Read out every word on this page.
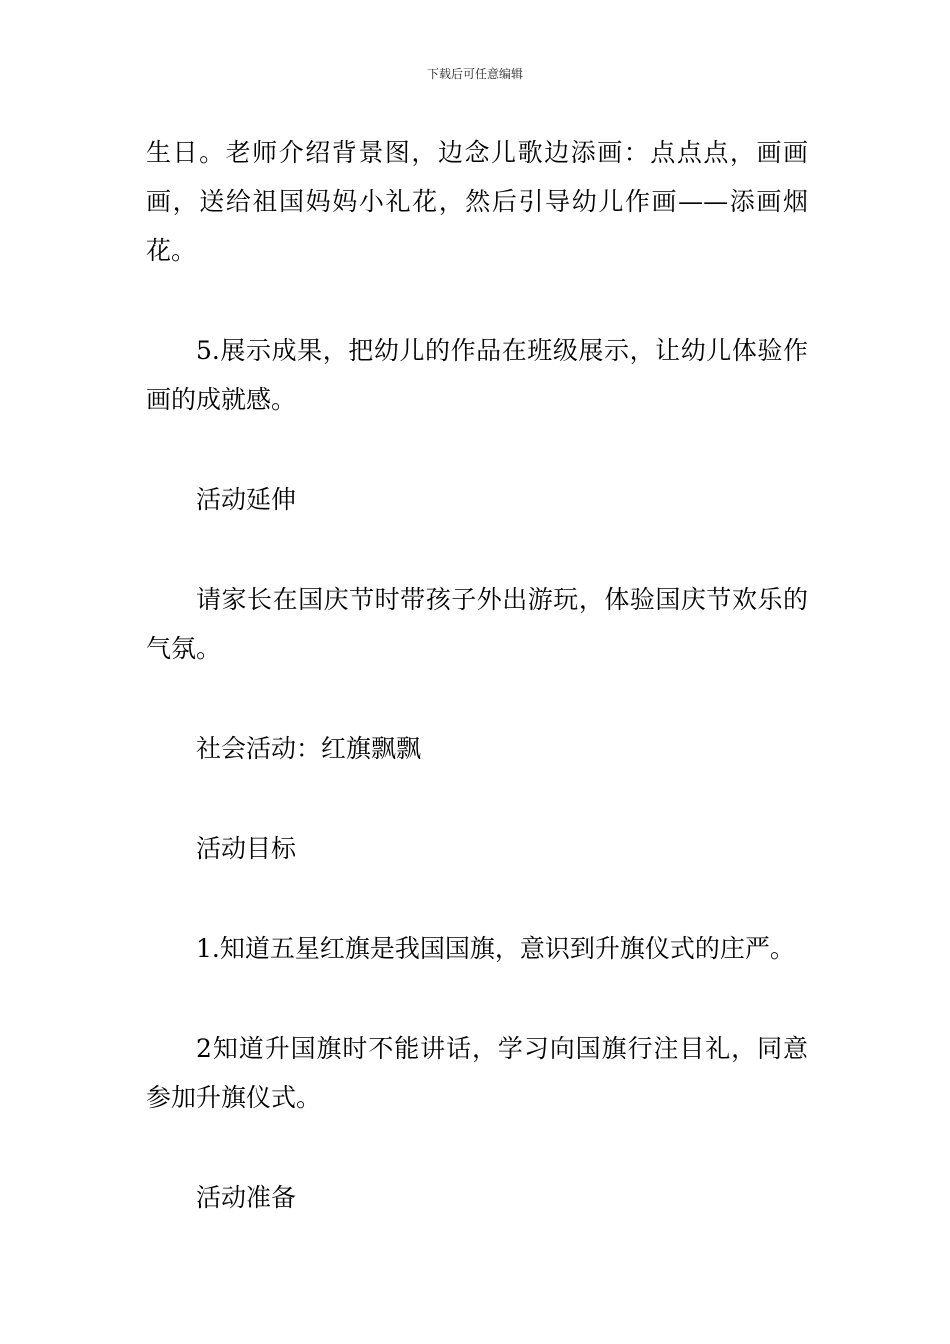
下载后可任意编辑

生日。老师介绍背景图，边念儿歌边添画：点点点，画画画，送给祖国妈妈小礼花，然后引导幼儿作画——添画烟花。

5.展示成果，把幼儿的作品在班级展示，让幼儿体验作画的成就感。

活动延伸

请家长在国庆节时带孩子外出游玩，体验国庆节欢乐的气氛。

社会活动：红旗飘飘

活动目标

1.知道五星红旗是我国国旗，意识到升旗仪式的庄严。

2知道升国旗时不能讲话，学习向国旗行注目礼，同意参加升旗仪式。

活动准备
